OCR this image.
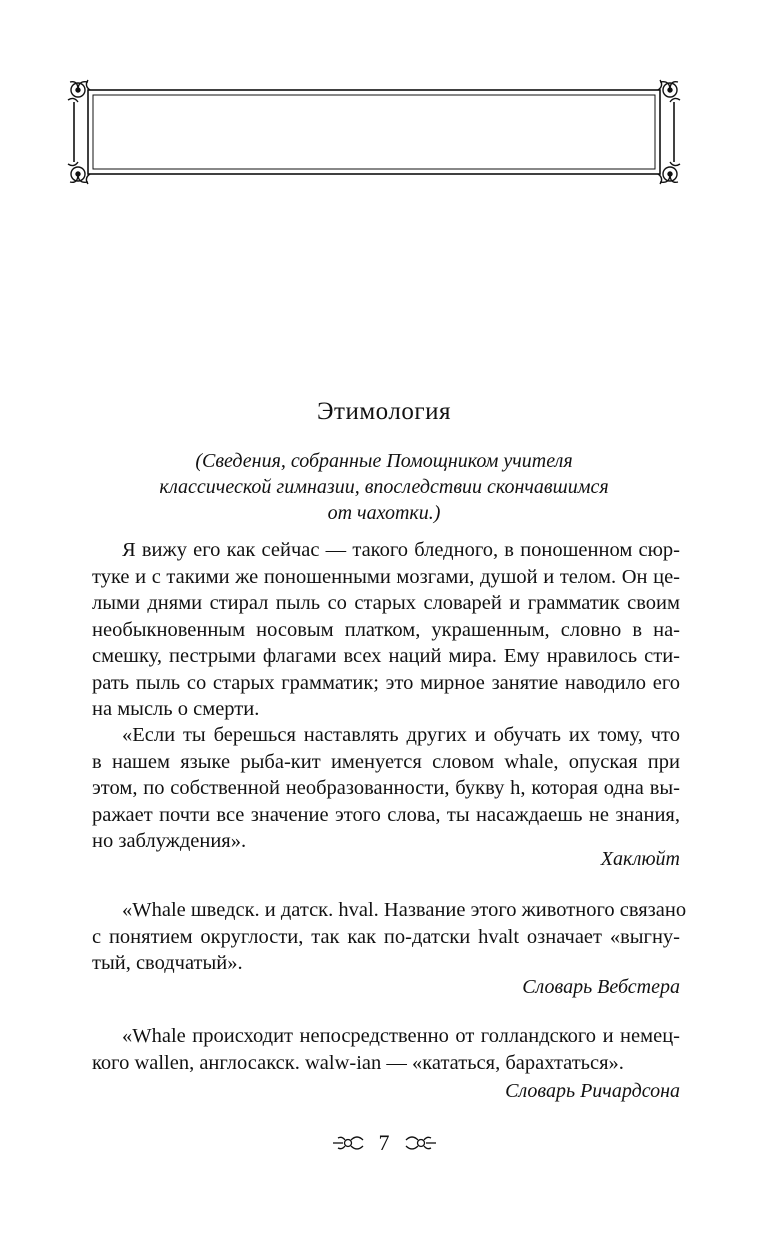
Этимология
(Сведения, собранные Помощником учителя
классической гимназии, впоследствии скончавшимся
от чахотки.)
Я вижу его как сейчас — такого бледного, в поношенном сюр-
туке и с такими же поношенными мозгами, душой и телом. Он це-
лыми днями стирал пыль со старых словарей и грамматик своим
необыкновенным носовым платком, украшенным, словно в на-
смешку, пестрыми флагами всех наций мира. Ему нравилось сти-
рать пыль со старых грамматик; это мирное занятие наводило его
на мысль о смерти.
«Если ты берешься наставлять других и обучать их тому, что
в нашем языке рыба-кит именуется словом whale, опуская при
этом, по собственной необразованности, букву h, которая одна вы-
ражает почти все значение этого слова, ты насаждаешь не знания,
но заблуждения».
Хаклюйт
«Whale шведск. и датск. hval. Название этого животного связано
с понятием округлости, так как по-датски hvalt означает «выгну-
тый, сводчатый».
Словарь Вебстера
«Whale происходит непосредственно от голландского и немец-
кого wallen, англосакск. walw-ian — «кататься, барахтаться».
Словарь Ричардсона
7
